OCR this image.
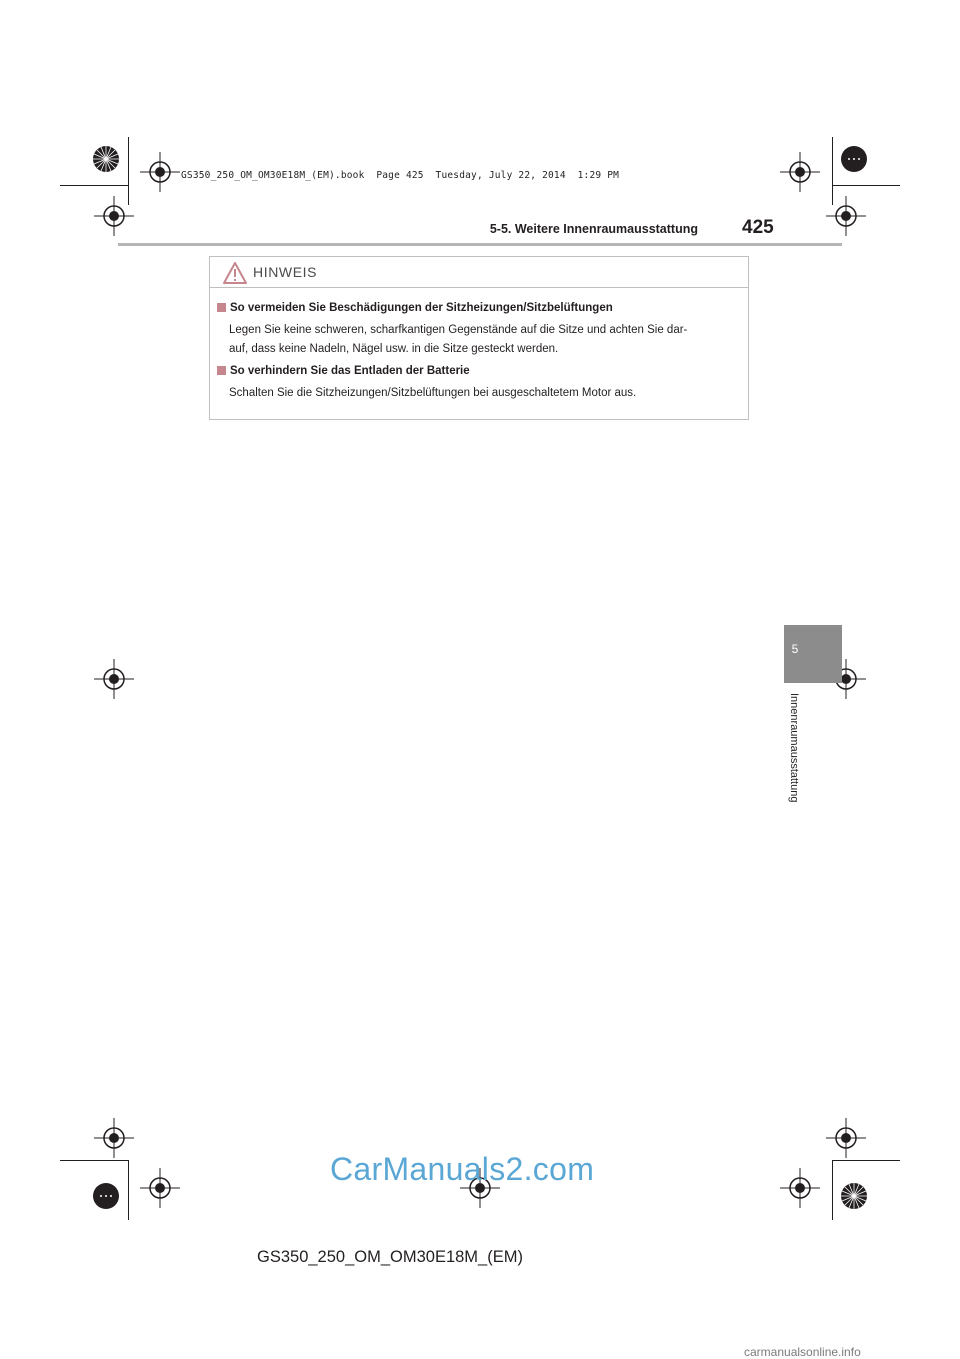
GS350_250_OM_OM30E18M_(EM).book  Page 425  Tuesday, July 22, 2014  1:29 PM
5-5. Weitere Innenraumausstattung 425
HINWEIS
So vermeiden Sie Beschädigungen der Sitzheizungen/Sitzbelüftungen
Legen Sie keine schweren, scharfkantigen Gegenstände auf die Sitze und achten Sie dar-
auf, dass keine Nadeln, Nägel usw. in die Sitze gesteckt werden.
So verhindern Sie das Entladen der Batterie
Schalten Sie die Sitzheizungen/Sitzbelüftungen bei ausgeschaltetem Motor aus.
5
Innenraumausstattung
CarManuals2.com
GS350_250_OM_OM30E18M_(EM)
carmanualsonline.info
